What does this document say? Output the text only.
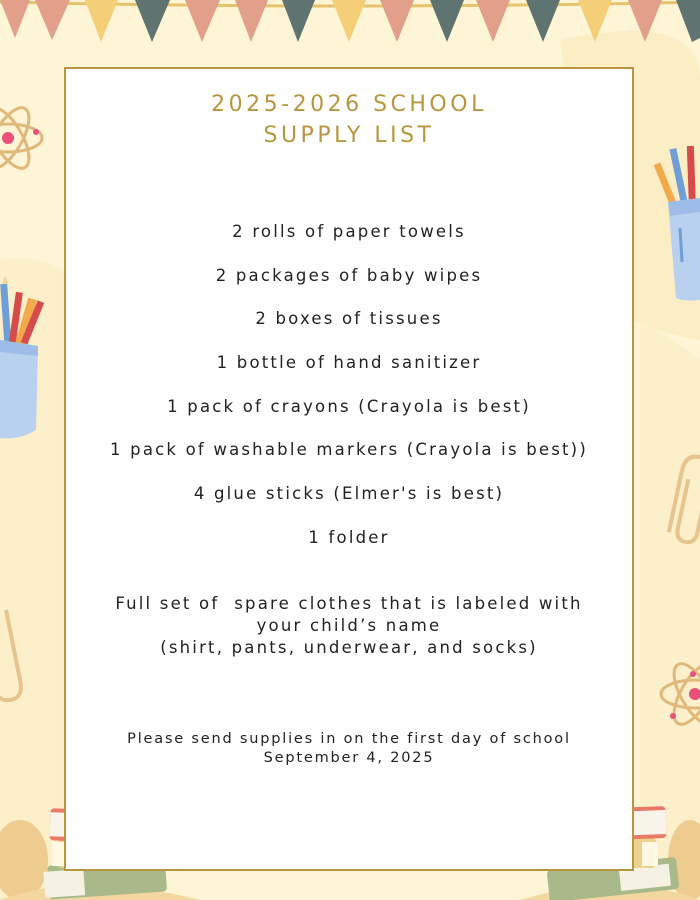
2025-2026 SCHOOL
SUPPLY LIST
2 rolls of paper towels
2 packages of baby wipes
2 boxes of tissues
1 bottle of hand sanitizer
1 pack of crayons (Crayola is best)
1 pack of washable markers (Crayola is best))
4 glue sticks (Elmer's is best)
1 folder
Full set of  spare clothes that is labeled with
your child’s name
(shirt, pants, underwear, and socks)
Please send supplies in on the first day of school
September 4, 2025
